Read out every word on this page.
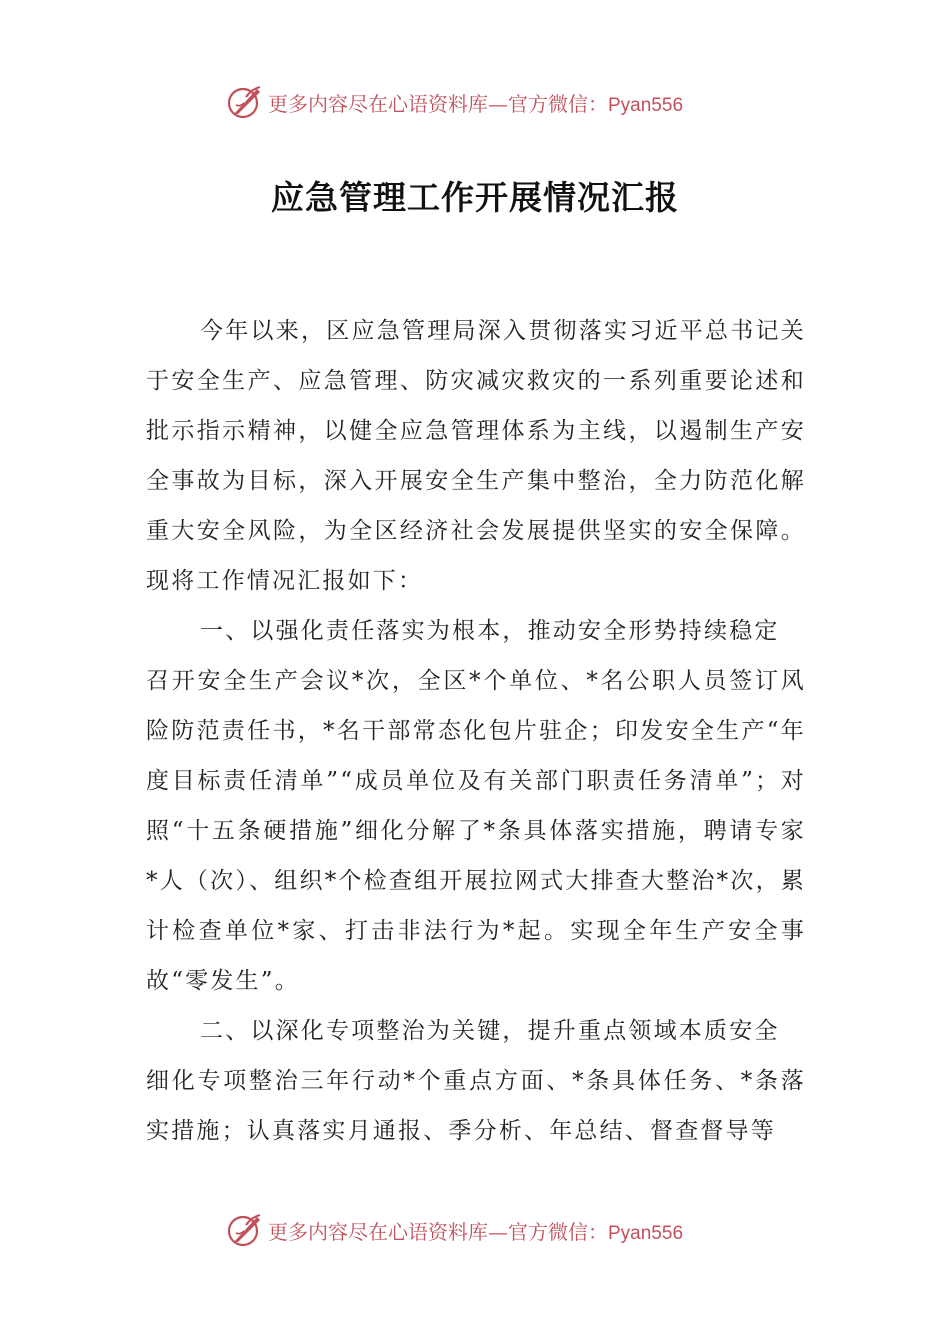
更多内容尽在心语资料库—官方微信：Pyan556
应急管理工作开展情况汇报

今年以来，区应急管理局深入贯彻落实习近平总书记关于安全生产、应急管理、防灾减灾救灾的一系列重要论述和批示指示精神，以健全应急管理体系为主线，以遏制生产安全事故为目标，深入开展安全生产集中整治，全力防范化解重大安全风险，为全区经济社会发展提供坚实的安全保障。现将工作情况汇报如下：

一、以强化责任落实为根本，推动安全形势持续稳定

召开安全生产会议*次，全区*个单位、*名公职人员签订风险防范责任书，*名干部常态化包片驻企；印发安全生产“年度目标责任清单”“成员单位及有关部门职责任务清单”；对照“十五条硬措施”细化分解了*条具体落实措施，聘请专家*人（次）、组织*个检查组开展拉网式大排查大整治*次，累计检查单位*家、打击非法行为*起。实现全年生产安全事故“零发生”。

二、以深化专项整治为关键，提升重点领域本质安全

细化专项整治三年行动*个重点方面、*条具体任务、*条落实措施；认真落实月通报、季分析、年总结、督查督导等

更多内容尽在心语资料库—官方微信：Pyan556
